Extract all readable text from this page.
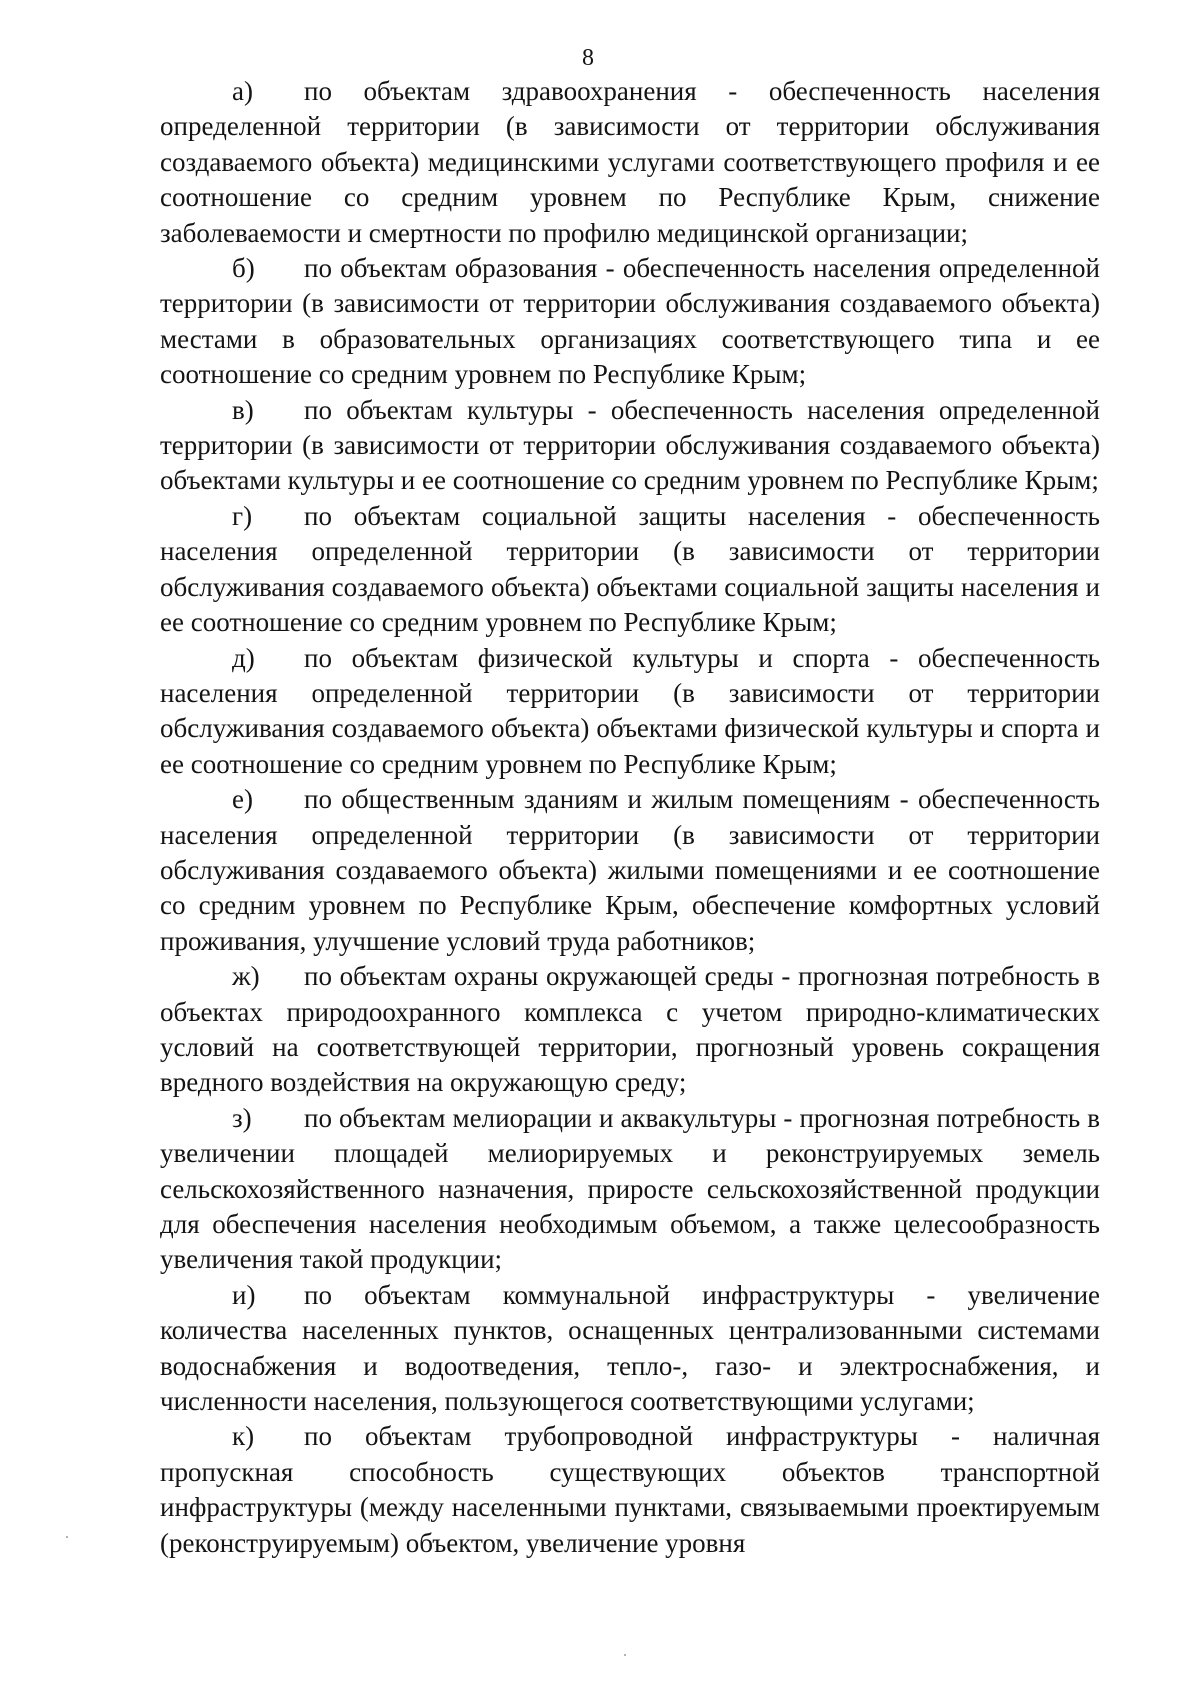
8

а) по объектам здравоохранения - обеспеченность населения определенной территории (в зависимости от территории обслуживания создаваемого объекта) медицинскими услугами соответствующего профиля и ее соотношение со средним уровнем по Республике Крым, снижение заболеваемости и смертности по профилю медицинской организации;

б) по объектам образования - обеспеченность населения определенной территории (в зависимости от территории обслуживания создаваемого объекта) местами в образовательных организациях соответствующего типа и ее соотношение со средним уровнем по Республике Крым;

в) по объектам культуры - обеспеченность населения определенной территории (в зависимости от территории обслуживания создаваемого объекта) объектами культуры и ее соотношение со средним уровнем по Республике Крым;

г) по объектам социальной защиты населения - обеспеченность населения определенной территории (в зависимости от территории обслуживания создаваемого объекта) объектами социальной защиты населения и ее соотношение со средним уровнем по Республике Крым;

д) по объектам физической культуры и спорта - обеспеченность населения определенной территории (в зависимости от территории обслуживания создаваемого объекта) объектами физической культуры и спорта и ее соотношение со средним уровнем по Республике Крым;

е) по общественным зданиям и жилым помещениям - обеспеченность населения определенной территории (в зависимости от территории обслуживания создаваемого объекта) жилыми помещениями и ее соотношение со средним уровнем по Республике Крым, обеспечение комфортных условий проживания, улучшение условий труда работников;

ж) по объектам охраны окружающей среды - прогнозная потребность в объектах природоохранного комплекса с учетом природно-климатических условий на соответствующей территории, прогнозный уровень сокращения вредного воздействия на окружающую среду;

з) по объектам мелиорации и аквакультуры - прогнозная потребность в увеличении площадей мелиорируемых и реконструируемых земель сельскохозяйственного назначения, приросте сельскохозяйственной продукции для обеспечения населения необходимым объемом, а также целесообразность увеличения такой продукции;

и) по объектам коммунальной инфраструктуры - увеличение количества населенных пунктов, оснащенных централизованными системами водоснабжения и водоотведения, тепло-, газо- и электроснабжения, и численности населения, пользующегося соответствующими услугами;

к) по объектам трубопроводной инфраструктуры - наличная пропускная способность существующих объектов транспортной инфраструктуры (между населенными пунктами, связываемыми проектируемым (реконструируемым) объектом, увеличение уровня
